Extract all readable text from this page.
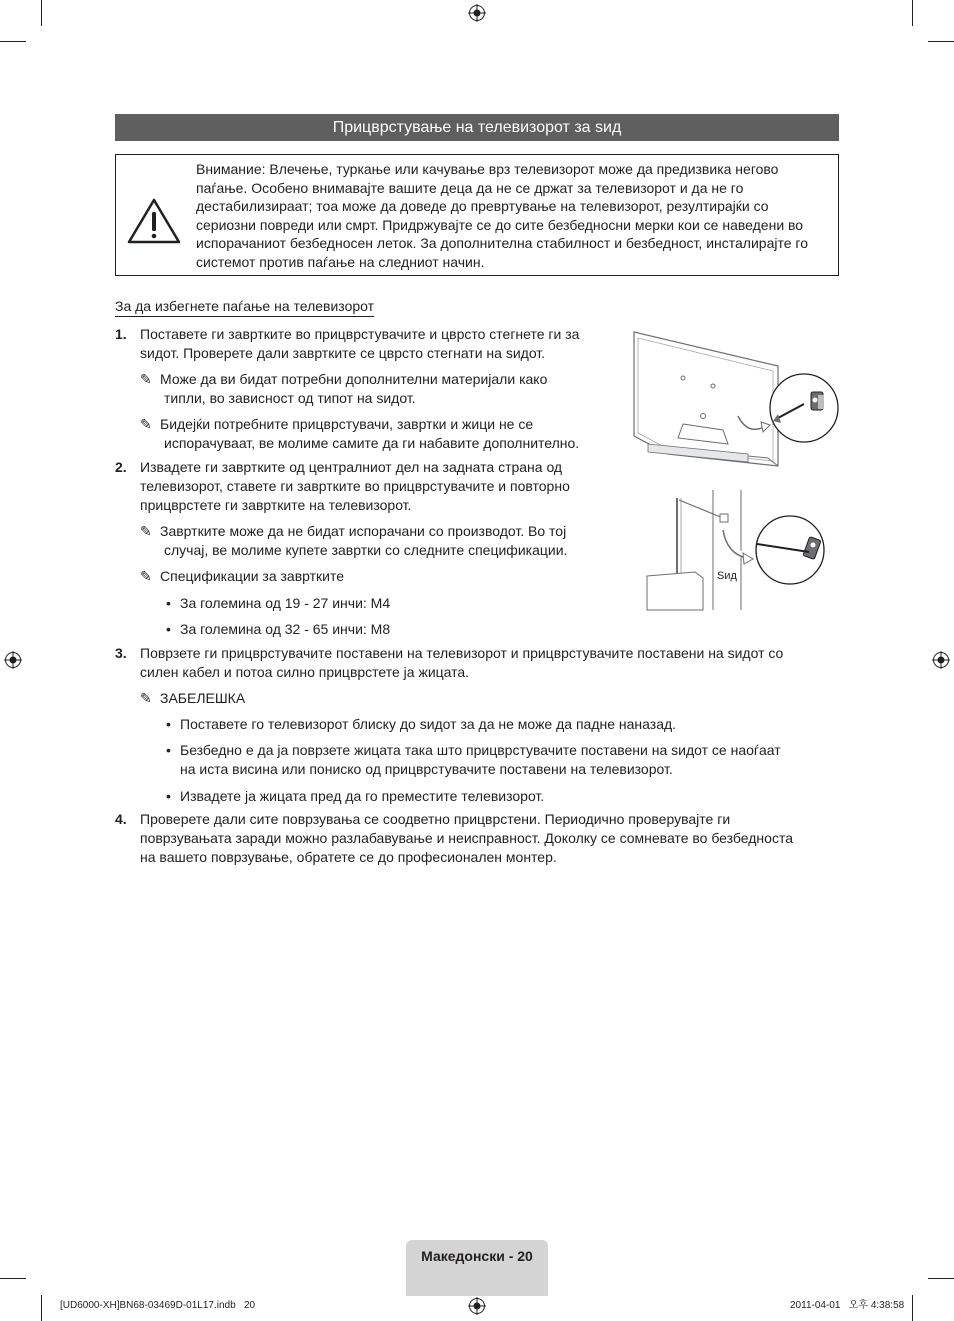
Прицврстување на телевизорот за ѕид
Внимание: Влечење, туркање или качување врз телевизорот може да предизвика негово паѓање. Особено внимавајте вашите деца да не се држат за телевизорот и да не го дестабилизираат; тоа може да доведе до превртување на телевизорот, резултирајќи со сериозни повреди или смрт. Придржувајте се до сите безбедносни мерки кои се наведени во испорачаниот безбедносен леток. За дополнителна стабилност и безбедност, инсталирајте го системот против паѓање на следниот начин.
За да избегнете паѓање на телевизорот
1. Поставете ги завртките во прицврстувачите и цврсто стегнете ги за
ѕидот. Проверете дали завртките се цврсто стегнати на ѕидот.
✎ Може да ви бидат потребни дополнителни материјали како
типли, во зависност од типот на ѕидот.
✎ Бидејќи потребните прицврстувачи, завртки и жици не се
испорачуваат, ве молиме самите да ги набавите дополнително.
2. Извадете ги завртките од централниот дел на задната страна од
телевизорот, ставете ги завртките во прицврстувачите и повторно
прицврстете ги завртките на телевизорот.
✎ Завртките може да не бидат испорачани со производот. Во тој
случај, ве молиме купете завртки со следните спецификации.
✎ Спецификации за завртките
• За големина од 19 - 27 инчи: M4
• За големина од 32 - 65 инчи: M8
3. Поврзете ги прицврстувачите поставени на телевизорот и прицврстувачите поставени на ѕидот со
силен кабел и потоа силно прицврстете ја жицата.
✎ ЗАБЕЛЕШКА
• Поставете го телевизорот блиску до ѕидот за да не може да падне наназад.
• Безбедно е да ја поврзете жицата така што прицврстувачите поставени на ѕидот се наоѓаат
на иста висина или пониско од прицврстувачите поставени на телевизорот.
• Извадете ја жицата пред да го преместите телевизорот.
4. Проверете дали сите поврзувања се соодветно прицврстени. Периодично проверувајте ги
поврзувањата заради можно разлабавување и неисправност. Доколку се сомневате во безбедноста
на вашето поврзување, обратете се до професионален монтер.
Ѕид
Македонски - 20
[UD6000-XH]BN68-03469D-01L17.indb   20	2011-04-01   오후 4:38:58
